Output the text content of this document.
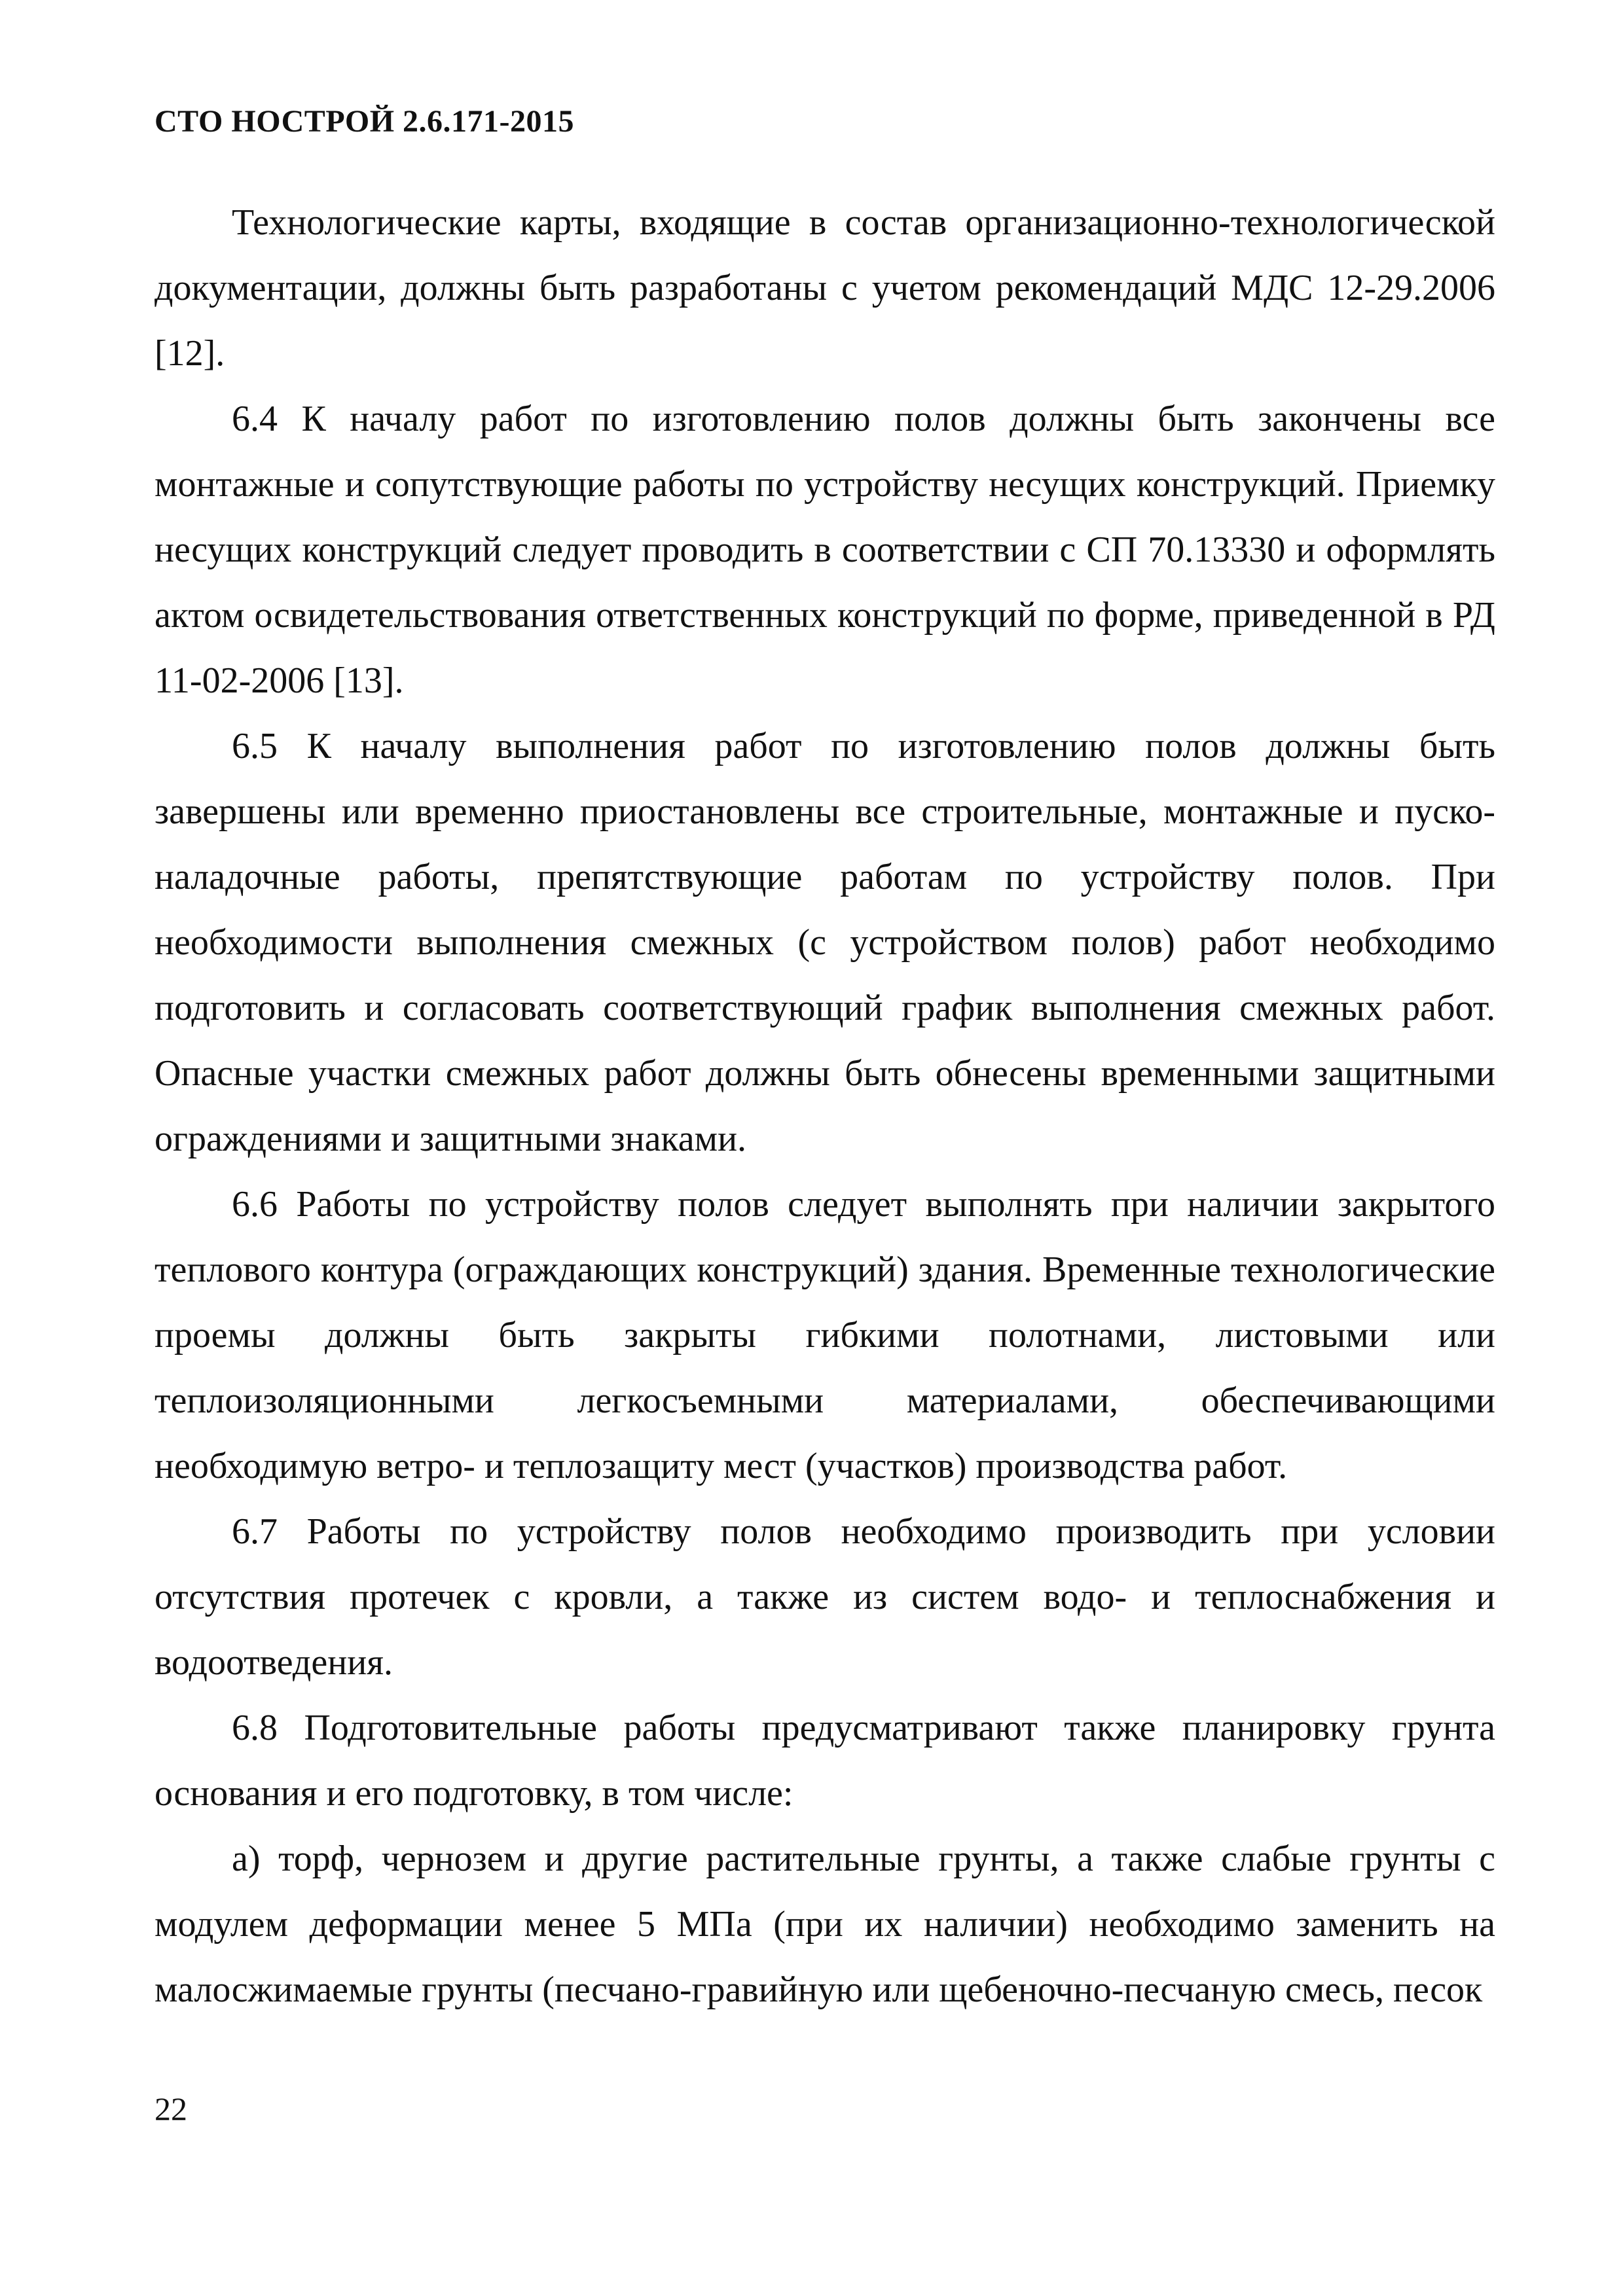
СТО НОСТРОЙ 2.6.171-2015

Технологические карты, входящие в состав организационно-технологической документации, должны быть разработаны с учетом рекомендаций МДС 12-29.2006 [12].

6.4 К началу работ по изготовлению полов должны быть закончены все монтажные и сопутствующие работы по устройству несущих конструкций. Приемку несущих конструкций следует проводить в соответствии с СП 70.13330 и оформлять актом освидетельствования ответственных конструкций по форме, приведенной в РД 11-02-2006 [13].

6.5 К началу выполнения работ по изготовлению полов должны быть завершены или временно приостановлены все строительные, монтажные и пуско-наладочные работы, препятствующие работам по устройству полов. При необходимости выполнения смежных (с устройством полов) работ необходимо подготовить и согласовать соответствующий график выполнения смежных работ. Опасные участки смежных работ должны быть обнесены временными защитными ограждениями и защитными знаками.

6.6 Работы по устройству полов следует выполнять при наличии закрытого теплового контура (ограждающих конструкций) здания. Временные технологические проемы должны быть закрыты гибкими полотнами, листовыми или теплоизоляционными легкосъемными материалами, обеспечивающими необходимую ветро- и теплозащиту мест (участков) производства работ.

6.7 Работы по устройству полов необходимо производить при условии отсутствия протечек с кровли, а также из систем водо- и теплоснабжения и водоотведения.

6.8 Подготовительные работы предусматривают также планировку грунта основания и его подготовку, в том числе:

а) торф, чернозем и другие растительные грунты, а также слабые грунты с модулем деформации менее 5 МПа (при их наличии) необходимо заменить на малосжимаемые грунты (песчано-гравийную или щебеночно-песчаную смесь, песок

22
